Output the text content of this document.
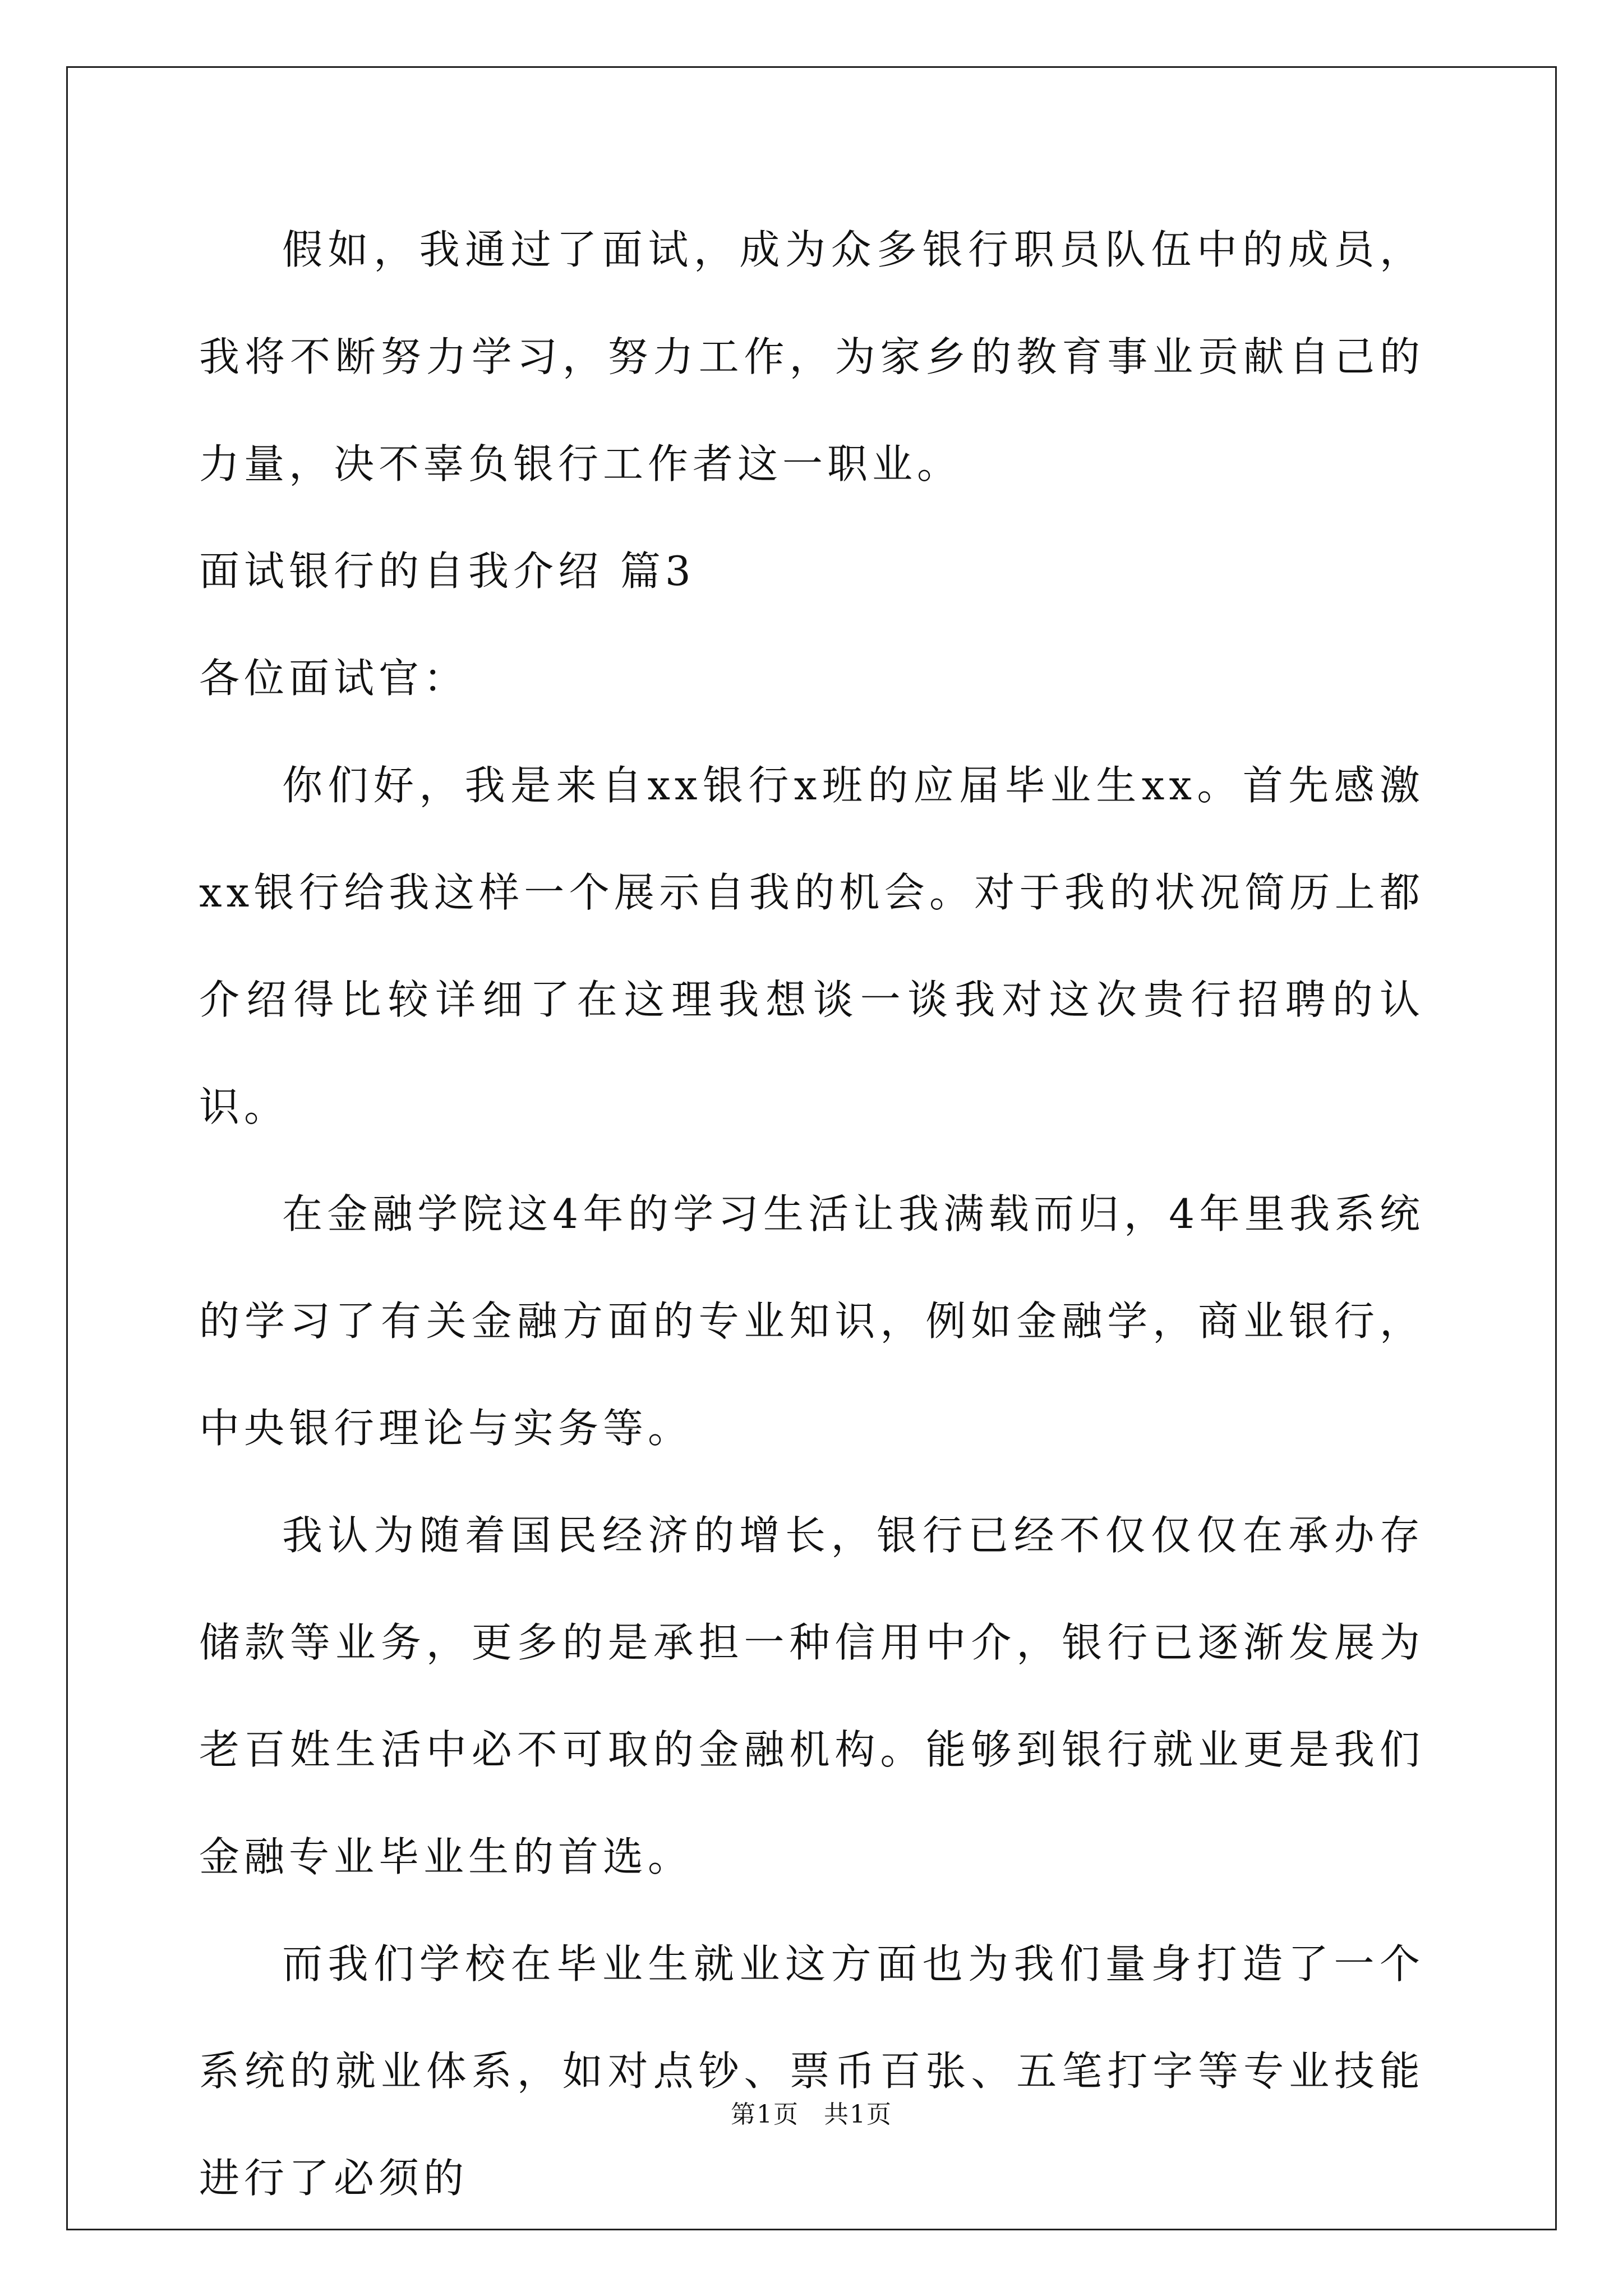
假如，我通过了面试，成为众多银行职员队伍中的成员，我将不断努力学习，努力工作，为家乡的教育事业贡献自己的力量，决不辜负银行工作者这一职业。

面试银行的自我介绍 篇3

各位面试官：

你们好，我是来自xx银行x班的应届毕业生xx。首先感激xx银行给我这样一个展示自我的机会。对于我的状况简历上都介绍得比较详细了在这理我想谈一谈我对这次贵行招聘的认识。

在金融学院这4年的学习生活让我满载而归，4年里我系统的学习了有关金融方面的专业知识，例如金融学，商业银行，中央银行理论与实务等。

我认为随着国民经济的增长，银行已经不仅仅仅在承办存储款等业务，更多的是承担一种信用中介，银行已逐渐发展为老百姓生活中必不可取的金融机构。能够到银行就业更是我们金融专业毕业生的首选。

而我们学校在毕业生就业这方面也为我们量身打造了一个系统的就业体系，如对点钞、票币百张、五笔打字等专业技能进行了必须的

第1页 共1页
